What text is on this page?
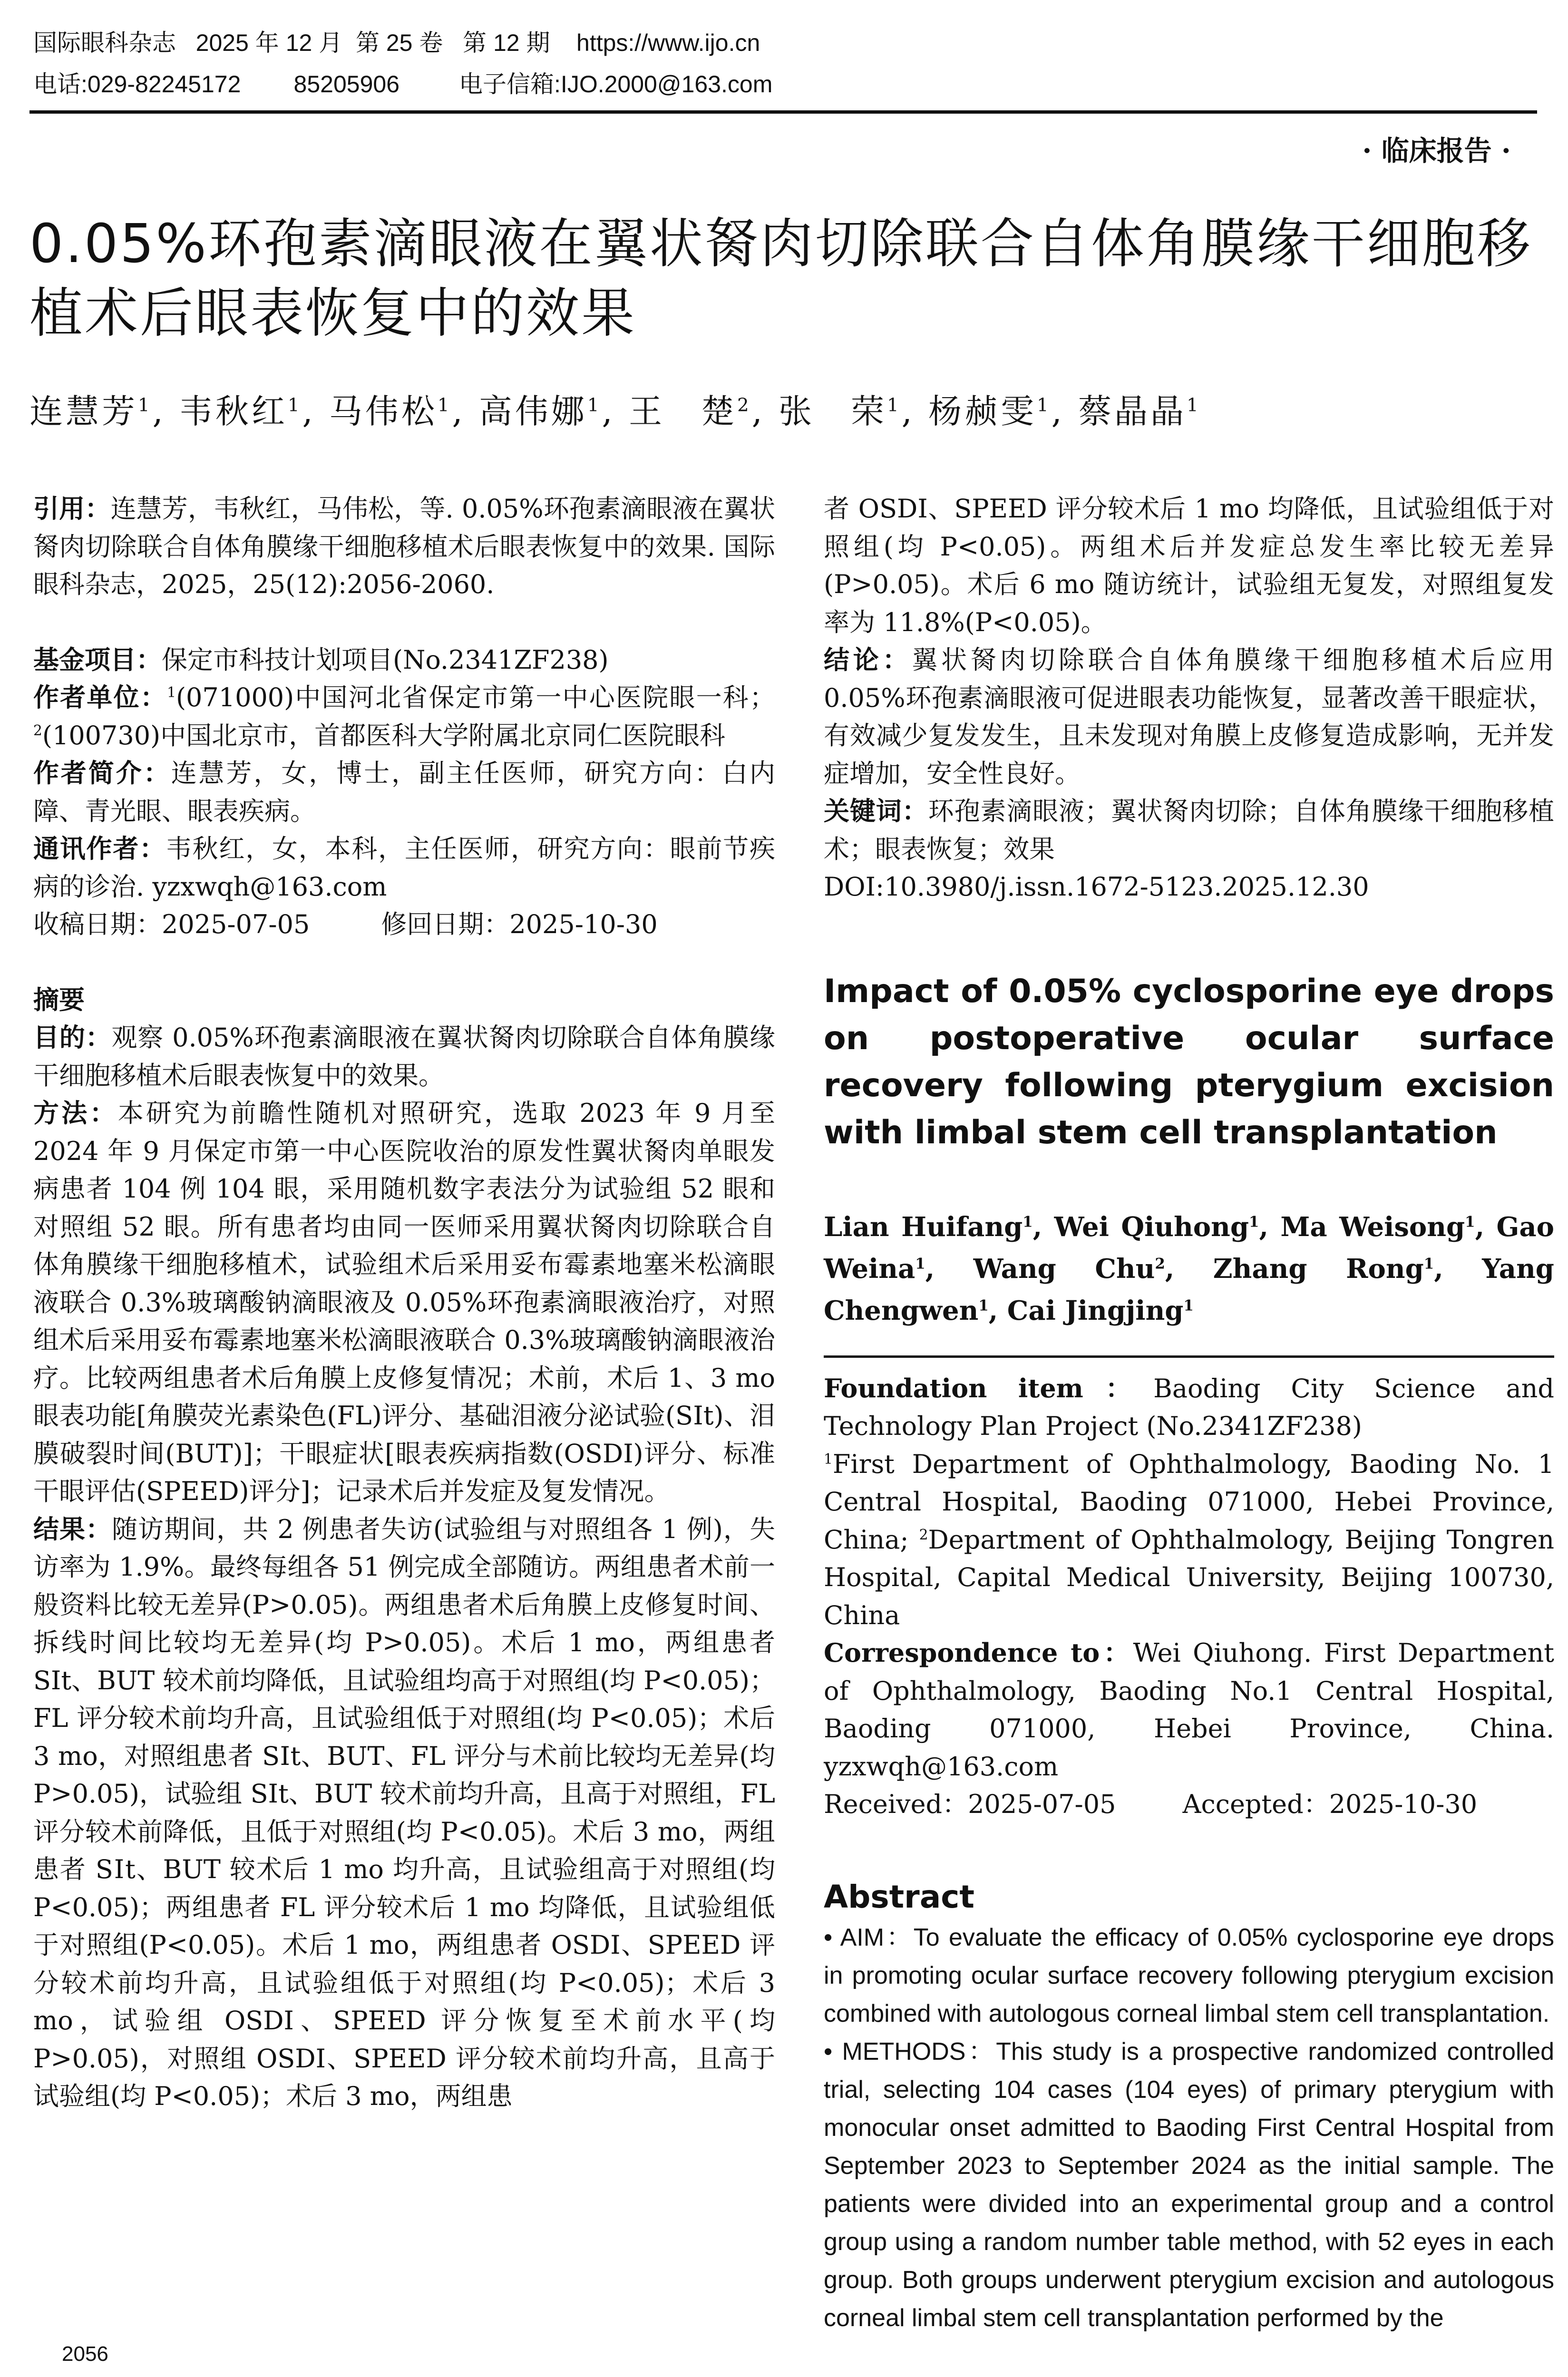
国际眼科杂志   2025 年 12 月  第 25 卷   第 12 期    https://www.ijo.cn
电话:029-82245172        85205906         电子信箱:IJO.2000@163.com
· 临床报告 ·
0.05%环孢素滴眼液在翼状胬肉切除联合自体角膜缘干细胞移植术后眼表恢复中的效果
连慧芳$^1$, 韦秋红$^1$, 马伟松$^1$, 高伟娜$^1$, 王　楚$^2$, 张　荣$^1$, 杨赪雯$^1$, 蔡晶晶$^1$

引用：连慧芳，韦秋红，马伟松，等. 0.05%环孢素滴眼液在翼状胬肉切除联合自体角膜缘干细胞移植术后眼表恢复中的效果. 国际眼科杂志，2025，25(12):2056-2060.

基金项目：保定市科技计划项目(No.2341ZF238)

作者单位：$^1$(071000)中国河北省保定市第一中心医院眼一科；$^2$(100730)中国北京市，首都医科大学附属北京同仁医院眼科

作者简介：连慧芳，女，博士，副主任医师，研究方向：白内障、青光眼、眼表疾病。

通讯作者：韦秋红，女，本科，主任医师，研究方向：眼前节疾病的诊治. yzxwqh@163.com

收稿日期：2025-07-05	修回日期：2025-10-30

摘要

目的：观察 0.05%环孢素滴眼液在翼状胬肉切除联合自体角膜缘干细胞移植术后眼表恢复中的效果。

方法：本研究为前瞻性随机对照研究，选取 2023 年 9 月至 2024 年 9 月保定市第一中心医院收治的原发性翼状胬肉单眼发病患者 104 例 104 眼，采用随机数字表法分为试验组 52 眼和对照组 52 眼。所有患者均由同一医师采用翼状胬肉切除联合自体角膜缘干细胞移植术，试验组术后采用妥布霉素地塞米松滴眼液联合 0.3%玻璃酸钠滴眼液及 0.05%环孢素滴眼液治疗，对照组术后采用妥布霉素地塞米松滴眼液联合 0.3%玻璃酸钠滴眼液治疗。比较两组患者术后角膜上皮修复情况；术前，术后 1、3 mo 眼表功能[角膜荧光素染色(FL)评分、基础泪液分泌试验(SⅠt)、泪膜破裂时间(BUT)]；干眼症状[眼表疾病指数(OSDI)评分、标准干眼评估(SPEED)评分]；记录术后并发症及复发情况。

结果：随访期间，共 2 例患者失访(试验组与对照组各 1 例)，失访率为 1.9%。最终每组各 51 例完成全部随访。两组患者术前一般资料比较无差异(P>0.05)。两组患者术后角膜上皮修复时间、拆线时间比较均无差异(均 P>0.05)。术后 1 mo，两组患者 SⅠt、BUT 较术前均降低，且试验组均高于对照组(均 P<0.05)；FL 评分较术前均升高，且试验组低于对照组(均 P<0.05)；术后 3 mo，对照组患者 SⅠt、BUT、FL 评分与术前比较均无差异(均 P>0.05)，试验组 SⅠt、BUT 较术前均升高，且高于对照组，FL 评分较术前降低，且低于对照组(均 P<0.05)。术后 3 mo，两组患者 SⅠt、BUT 较术后 1 mo 均升高，且试验组高于对照组(均 P<0.05)；两组患者 FL 评分较术后 1 mo 均降低，且试验组低于对照组(P<0.05)。术后 1 mo，两组患者 OSDI、SPEED 评分较术前均升高，且试验组低于对照组(均 P<0.05)；术后 3 mo，试验组 OSDI、SPEED 评分恢复至术前水平(均 P>0.05)，对照组 OSDI、SPEED 评分较术前均升高，且高于试验组(均 P<0.05)；术后 3 mo，两组患

者 OSDI、SPEED 评分较术后 1 mo 均降低，且试验组低于对照组(均 P<0.05)。两组术后并发症总发生率比较无差异(P>0.05)。术后 6 mo 随访统计，试验组无复发，对照组复发率为 11.8%(P<0.05)。

结论：翼状胬肉切除联合自体角膜缘干细胞移植术后应用 0.05%环孢素滴眼液可促进眼表功能恢复，显著改善干眼症状，有效减少复发发生，且未发现对角膜上皮修复造成影响，无并发症增加，安全性良好。

关键词：环孢素滴眼液；翼状胬肉切除；自体角膜缘干细胞移植术；眼表恢复；效果

DOI:10.3980/j.issn.1672-5123.2025.12.30

Impact of 0.05% cyclosporine eye drops on postoperative ocular surface recovery following pterygium excision with limbal stem cell transplantation

Lian Huifang$^1$, Wei Qiuhong$^1$, Ma Weisong$^1$, Gao Weina$^1$, Wang Chu$^2$, Zhang Rong$^1$, Yang Chengwen$^1$, Cai Jingjing$^1$

Foundation item：Baoding City Science and Technology Plan Project (No.2341ZF238)

$^1$First Department of Ophthalmology, Baoding No. 1 Central Hospital, Baoding 071000, Hebei Province, China; $^2$Department of Ophthalmology, Beijing Tongren Hospital, Capital Medical University, Beijing 100730, China

Correspondence to：Wei Qiuhong. First Department of Ophthalmology, Baoding No.1 Central Hospital, Baoding 071000, Hebei Province, China. yzxwqh@163.com

Received：2025-07-05	Accepted：2025-10-30

Abstract

• AIM：To evaluate the efficacy of 0.05% cyclosporine eye drops in promoting ocular surface recovery following pterygium excision combined with autologous corneal limbal stem cell transplantation.

• METHODS：This study is a prospective randomized controlled trial, selecting 104 cases (104 eyes) of primary pterygium with monocular onset admitted to Baoding First Central Hospital from September 2023 to September 2024 as the initial sample. The patients were divided into an experimental group and a control group using a random number table method, with 52 eyes in each group. Both groups underwent pterygium excision and autologous corneal limbal stem cell transplantation performed by the

2056
